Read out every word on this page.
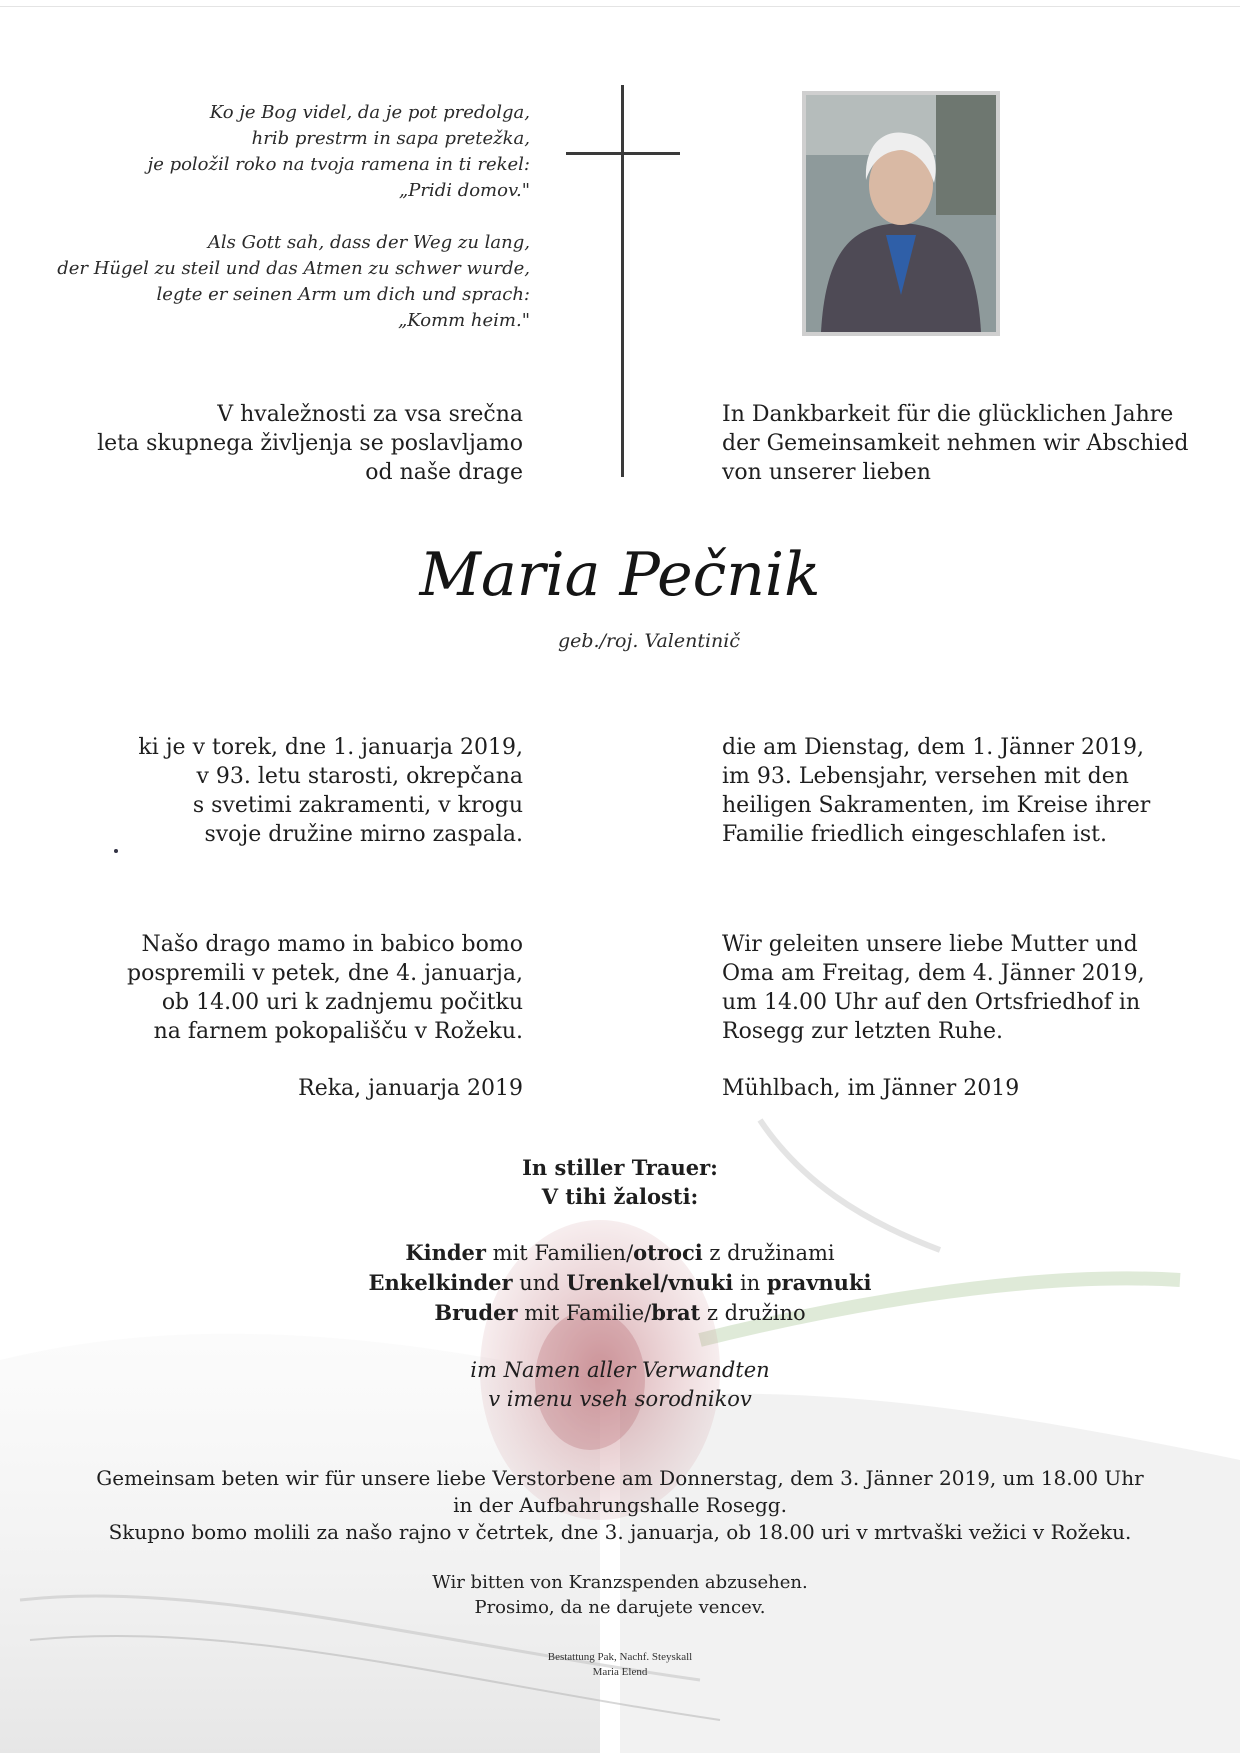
Ko je Bog videl, da je pot predolga,

hrib prestrm in sapa pretežka,

je položil roko na tvoja ramena in ti rekel:

„Pridi domov."

Als Gott sah, dass der Weg zu lang,

der Hügel zu steil und das Atmen zu schwer wurde,

legte er seinen Arm um dich und sprach:

„Komm heim."

V hvaležnosti za vsa srečna

leta skupnega življenja se poslavljamo

od naše drage

In Dankbarkeit für die glücklichen Jahre

der Gemeinsamkeit nehmen wir Abschied

von unserer lieben

Maria Pečnik
geb./roj. Valentinič

ki je v torek, dne 1. januarja 2019,

v 93. letu starosti, okrepčana

s svetimi zakramenti, v krogu

svoje družine mirno zaspala.

die am Dienstag, dem 1. Jänner 2019,

im 93. Lebensjahr, versehen mit den

heiligen Sakramenten, im Kreise ihrer

Familie friedlich eingeschlafen ist.

Našo drago mamo in babico bomo

pospremili v petek, dne 4. januarja,

ob 14.00 uri k zadnjemu počitku

na farnem pokopališču v Rožeku.

Wir geleiten unsere liebe Mutter und

Oma am Freitag, dem 4. Jänner 2019,

um 14.00 Uhr auf den Ortsfriedhof in

Rosegg zur letzten Ruhe.

Reka, januarja 2019	Mühlbach, im Jänner 2019

In stiller Trauer:

V tihi žalosti:

Kinder mit Familien/otroci z družinami

Enkelkinder und Urenkel/vnuki in pravnuki

Bruder mit Familie/brat z družino

im Namen aller Verwandten

v imenu vseh sorodnikov

Gemeinsam beten wir für unsere liebe Verstorbene am Donnerstag, dem 3. Jänner 2019, um 18.00 Uhr

in der Aufbahrungshalle Rosegg.

Skupno bomo molili za našo rajno v četrtek, dne 3. januarja, ob 18.00 uri v mrtvaški vežici v Rožeku.

Wir bitten von Kranzspenden abzusehen.

Prosimo, da ne darujete vencev.

Bestattung Pak, Nachf. Steyskall

Maria Elend
